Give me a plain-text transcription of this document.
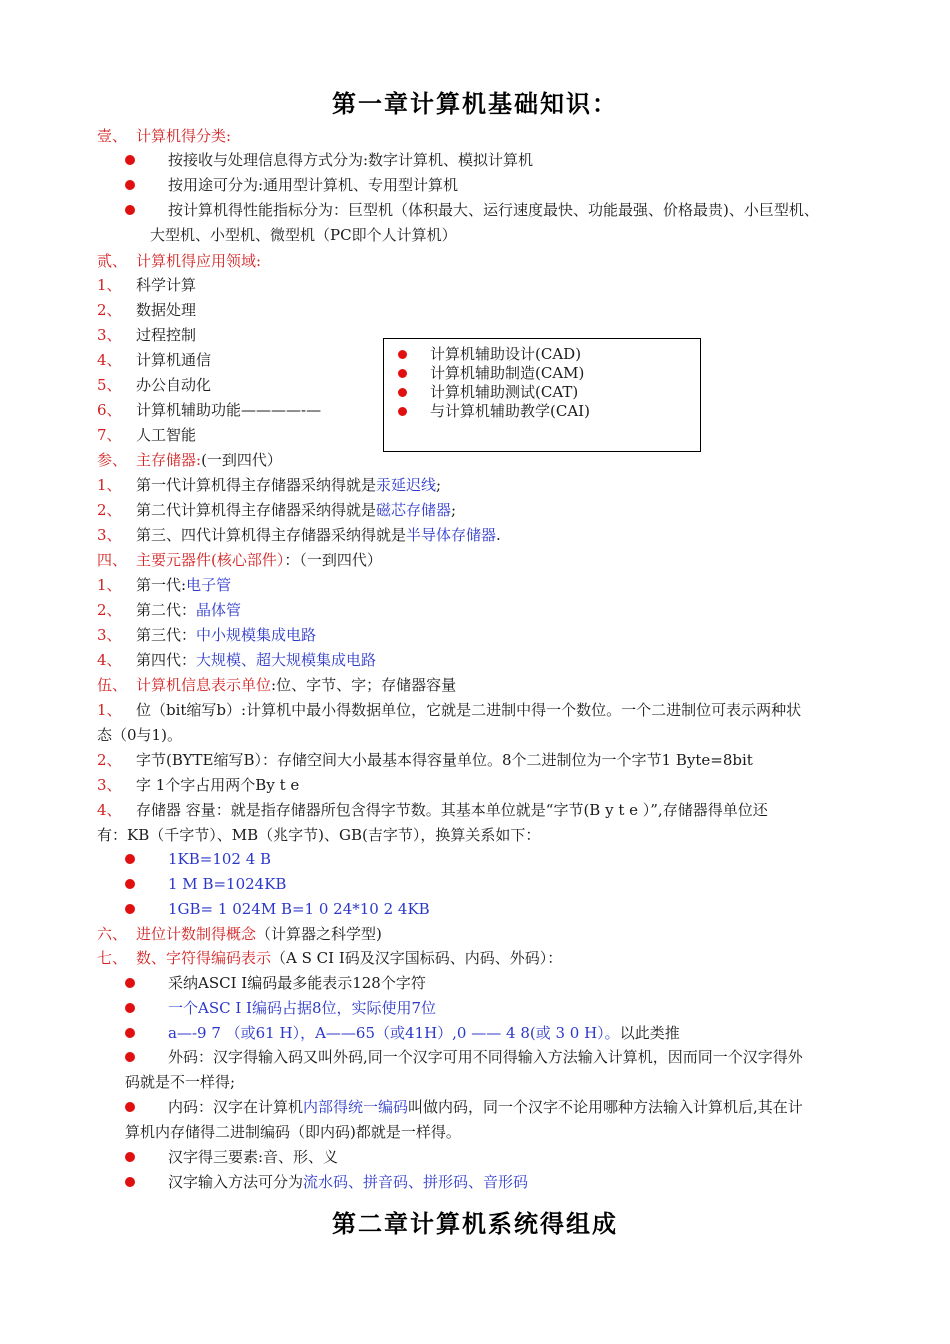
第一章计算机基础知识：
壹、 计算机得分类:
按接收与处理信息得方式分为:数字计算机、模拟计算机
按用途可分为:通用型计算机、专用型计算机
按计算机得性能指标分为：巨型机（体积最大、运行速度最快、功能最强、价格最贵)、小巨型机、
大型机、小型机、微型机（PC即个人计算机）
贰、 计算机得应用领域:
1、 科学计算
2、 数据处理
3、 过程控制
4、 计算机通信
5、 办公自动化
6、 计算机辅助功能————-—
7、 人工智能
计算机辅助设计(CAD)
计算机辅助制造(CAM)
计算机辅助测试(CAT)
与计算机辅助教学(CAI)
参、 主存储器:(一到四代）
1、 第一代计算机得主存储器采纳得就是汞延迟线;
2、 第二代计算机得主存储器采纳得就是磁芯存储器;
3、 第三、四代计算机得主存储器采纳得就是半导体存储器.
四、 主要元器件(核心部件）：（一到四代）
1、 第一代:电子管
2、 第二代：晶体管
3、 第三代：中小规模集成电路
4、 第四代：大规模、超大规模集成电路
伍、 计算机信息表示单位:位、字节、字；存储器容量
1、 位（bit缩写b）:计算机中最小得数据单位，它就是二进制中得一个数位。一个二进制位可表示两种状
态（0与1)。
2、 字节(BYTE缩写B）：存储空间大小最基本得容量单位。8个二进制位为一个字节1 Byte=8bit
3、 字 1个字占用两个By t e
4、 存储器 容量：就是指存储器所包含得字节数。其基本单位就是“字节(B y t e ）”,存储器得单位还
有：KB（千字节）、MB（兆字节)、GB(吉字节），换算关系如下：
1KB=102 4 B
1 M B=1024KB
1GB= 1 024M B=1 0 24*10 2 4KB
六、 进位计数制得概念（计算器之科学型)
七、 数、字符得编码表示（A S CI Ⅰ码及汉字国标码、内码、外码）：
采纳ASCI Ⅰ编码最多能表示128个字符
一个ASC Ⅰ Ⅰ编码占据8位，实际使用7位
a—-9 7 （或61 H），A——65（或41H）,0 —— 4 8(或 3 0 H）。以此类推
外码：汉字得输入码又叫外码,同一个汉字可用不同得输入方法输入计算机，因而同一个汉字得外
码就是不一样得;
内码：汉字在计算机内部得统一编码叫做内码，同一个汉字不论用哪种方法输入计算机后,其在计
算机内存储得二进制编码（即内码)都就是一样得。
汉字得三要素:音、形、义
汉字输入方法可分为流水码、拼音码、拼形码、音形码
第二章计算机系统得组成
